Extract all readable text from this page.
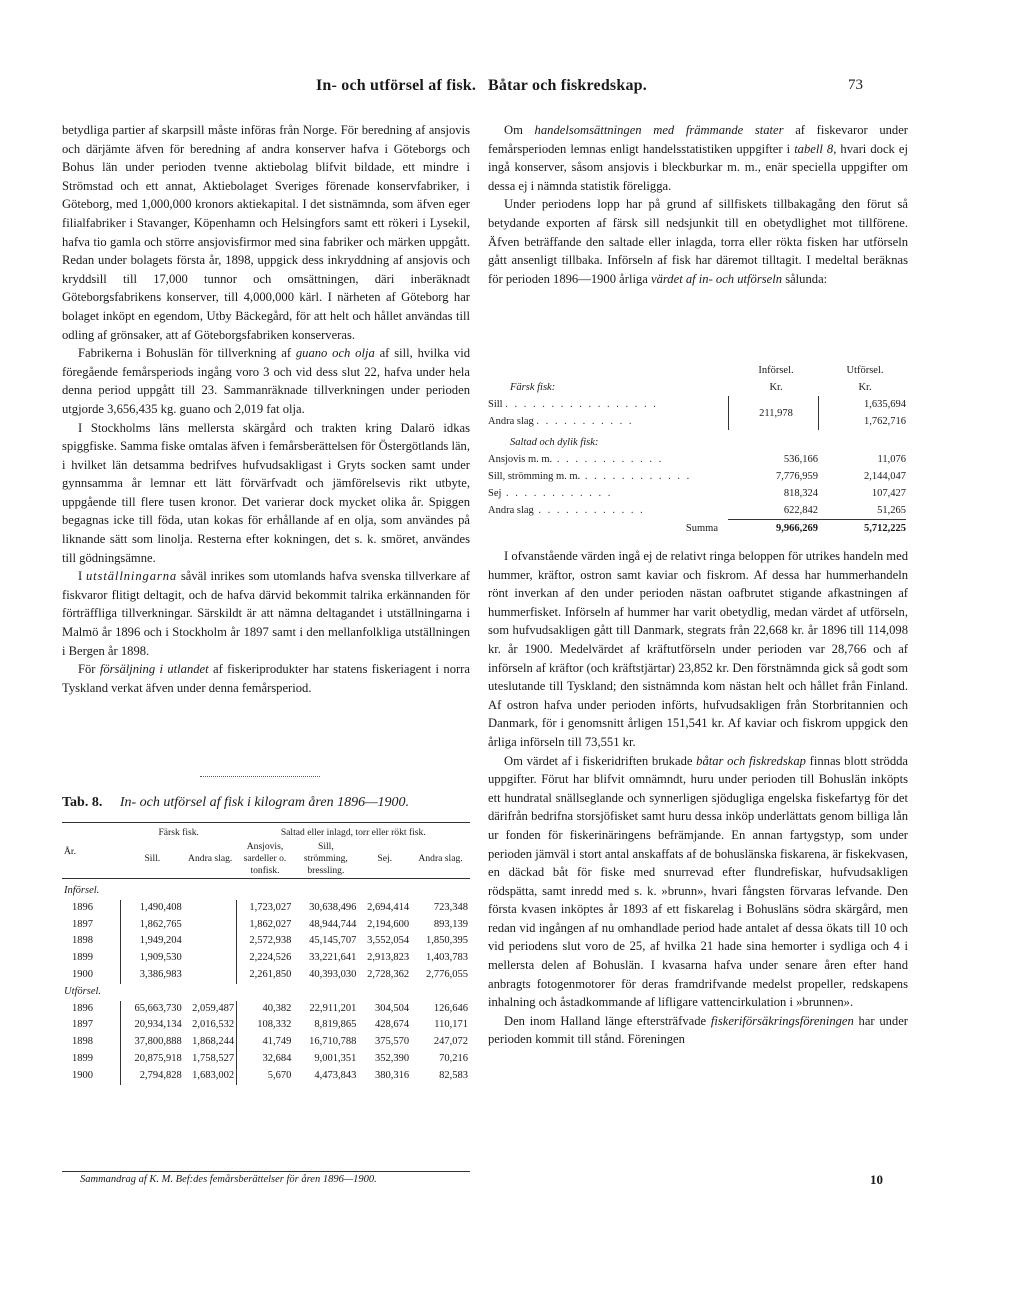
In- och utförsel af fisk. Båtar och fiskredskap.	73

betydliga partier af skarpsill måste införas från Norge. För beredning af ansjovis och därjämte äfven för beredning af andra konserver hafva i Göteborgs och Bohus län under perioden tvenne aktiebolag blifvit bildade, ett mindre i Strömstad och ett annat, Aktiebolaget Sveriges förenade konservfabriker, i Göteborg, med 1,000,000 kronors aktiekapital. I det sistnämnda, som äfven eger filialfabriker i Stavanger, Köpenhamn och Helsingfors samt ett rökeri i Lysekil, hafva tio gamla och större ansjovisfirmor med sina fabriker och märken uppgått. Redan under bolagets första år, 1898, uppgick dess inkryddning af ansjovis och kryddsill till 17,000 tunnor och omsättningen, däri inberäknadt Göteborgsfabrikens konserver, till 4,000,000 kärl. I närheten af Göteborg har bolaget inköpt en egendom, Utby Bäckegård, för att helt och hållet användas till odling af grönsaker, att af Göteborgsfabriken konserveras.

Fabrikerna i Bohuslän för tillverkning af guano och olja af sill, hvilka vid föregående femårsperiods ingång voro 3 och vid dess slut 22, hafva under hela denna period uppgått till 23. Sammanräknade tillverkningen under perioden utgjorde 3,656,435 kg. guano och 2,019 fat olja.

I Stockholms läns mellersta skärgård och trakten kring Dalarö idkas spiggfiske. Samma fiske omtalas äfven i femårsberättelsen för Östergötlands län, i hvilket län detsamma bedrifves hufvudsakligast i Gryts socken samt under gynnsamma år lemnar ett lätt förvärfvadt och jämförelsevis rikt utbyte, uppgående till flere tusen kronor. Det varierar dock mycket olika år. Spiggen begagnas icke till föda, utan kokas för erhållande af en olja, som användes på liknande sätt som linolja. Resterna efter kokningen, det s. k. smöret, användes till gödningsämne.

I utställningarna såväl inrikes som utomlands hafva svenska tillverkare af fiskvaror flitigt deltagit, och de hafva därvid bekommit talrika erkännanden för förträffliga tillverkningar. Särskildt är att nämna deltagandet i utställningarna i Malmö år 1896 och i Stockholm år 1897 samt i den mellanfolkliga utställningen i Bergen år 1898.

För försäljning i utlandet af fiskeriprodukter har statens fiskeriagent i norra Tyskland verkat äfven under denna femårsperiod.

Tab. 8. In- och utförsel af fisk i kilogram åren 1896—1900.
År.	Färsk fisk.		Saltad eller inlagd, torr eller rökt fisk.			
	Sill.	Andra slag.	Ansjovis, sardeller o. tonfisk.	Sill, strömming, bressling.	Sej.	Andra slag.

Införsel.						
1896	1,490,408		1,723,027	30,638,496	2,694,414	723,348
1897	1,862,765		1,862,027	48,944,744	2,194,600	893,139
1898	1,949,204		2,572,938	45,145,707	3,552,054	1,850,395
1899	1,909,530		2,224,526	33,221,641	2,913,823	1,403,783
1900	3,386,983		2,261,850	40,393,030	2,728,362	2,776,055
Utförsel.						
1896	65,663,730	2,059,487	40,382	22,911,201	304,504	126,646
1897	20,934,134	2,016,532	108,332	8,819,865	428,674	110,171
1898	37,800,888	1,868,244	41,749	16,710,788	375,570	247,072
1899	20,875,918	1,758,527	32,684	9,001,351	352,390	70,216
1900	2,794,828	1,683,002	5,670	4,473,843	380,316	82,583
Sammandrag af K. M. Bef:des femårsberättelser för åren 1896—1900.

Om handelsomsättningen med främmande stater af fiskevaror under femårsperioden lemnas enligt handelsstatistiken uppgifter i tabell 8, hvari dock ej ingå konserver, såsom ansjovis i bleckburkar m. m., enär speciella uppgifter om dessa ej i nämnda statistik föreligga.

Under periodens lopp har på grund af sillfiskets tillbakagång den förut så betydande exporten af färsk sill nedsjunkit till en obetydlighet mot tillförene. Äfven beträffande den saltade eller inlagda, torra eller rökta fisken har utförseln gått ansenligt tillbaka. Införseln af fisk har däremot tilltagit. I medeltal beräknas för perioden 1896—1900 årliga värdet af in- och utförseln sålunda:

	Införsel.	Utförsel.
Färsk fisk:	Kr.	Kr.
Sill . . . . . . . . . . . . . . . . .	211,978	1,635,694
Andra slag . . . . . . . . . . .		1,762,716
Saltad och dylik fisk:		
Ansjovis m. m. . . . . . . . . . . . .	536,166	11,076
Sill, strömming m. m. . . . . . . . . . . . .	7,776,959	2,144,047
Sej . . . . . . . . . . . .	818,324	107,427
Andra slag . . . . . . . . . . . .	622,842	51,265
Summa	9,966,269	5,712,225

I ofvanstående värden ingå ej de relativt ringa beloppen för utrikes handeln med hummer, kräftor, ostron samt kaviar och fiskrom. Af dessa har hummerhandeln rönt inverkan af den under perioden nästan oafbrutet stigande afkastningen af hummerfisket. Införseln af hummer har varit obetydlig, medan värdet af utförseln, som hufvudsakligen gått till Danmark, stegrats från 22,668 kr. år 1896 till 114,098 kr. år 1900. Medelvärdet af kräftutförseln under perioden var 28,766 och af införseln af kräftor (och kräftstjärtar) 23,852 kr. Den förstnämnda gick så godt som uteslutande till Tyskland; den sistnämnda kom nästan helt och hållet från Finland. Af ostron hafva under perioden införts, hufvudsakligen från Storbritannien och Danmark, för i genomsnitt årligen 151,541 kr. Af kaviar och fiskrom uppgick den årliga införseln till 73,551 kr.

Om värdet af i fiskeridriften brukade båtar och fiskredskap finnas blott strödda uppgifter. Förut har blifvit omnämndt, huru under perioden till Bohuslän inköpts ett hundratal snällseglande och synnerligen sjödugliga engelska fiskefartyg för det därifrån bedrifna storsjöfisket samt huru dessa inköp underlättats genom billiga lån ur fonden för fiskerinäringens befrämjande. En annan fartygstyp, som under perioden jämväl i stort antal anskaffats af de bohuslänska fiskarena, är fiskekvasen, en däckad båt för fiske med snurrevad efter flundrefiskar, hufvudsakligen rödspätta, samt inredd med s. k. »brunn», hvari fångsten förvaras lefvande. Den första kvasen inköptes år 1893 af ett fiskarelag i Bohusläns södra skärgård, men redan vid ingången af nu omhandlade period hade antalet af dessa ökats till 10 och vid periodens slut voro de 25, af hvilka 21 hade sina hemorter i sydliga och 4 i mellersta delen af Bohuslän. I kvasarna hafva under senare åren efter hand anbragts fotogenmotorer för deras framdrifvande medelst propeller, redskapens inhalning och åstadkommande af lifligare vattencirkulation i »brunnen».

Den inom Halland länge eftersträfvade fiskeriförsäkringsföreningen har under perioden kommit till stånd. Föreningen

10
